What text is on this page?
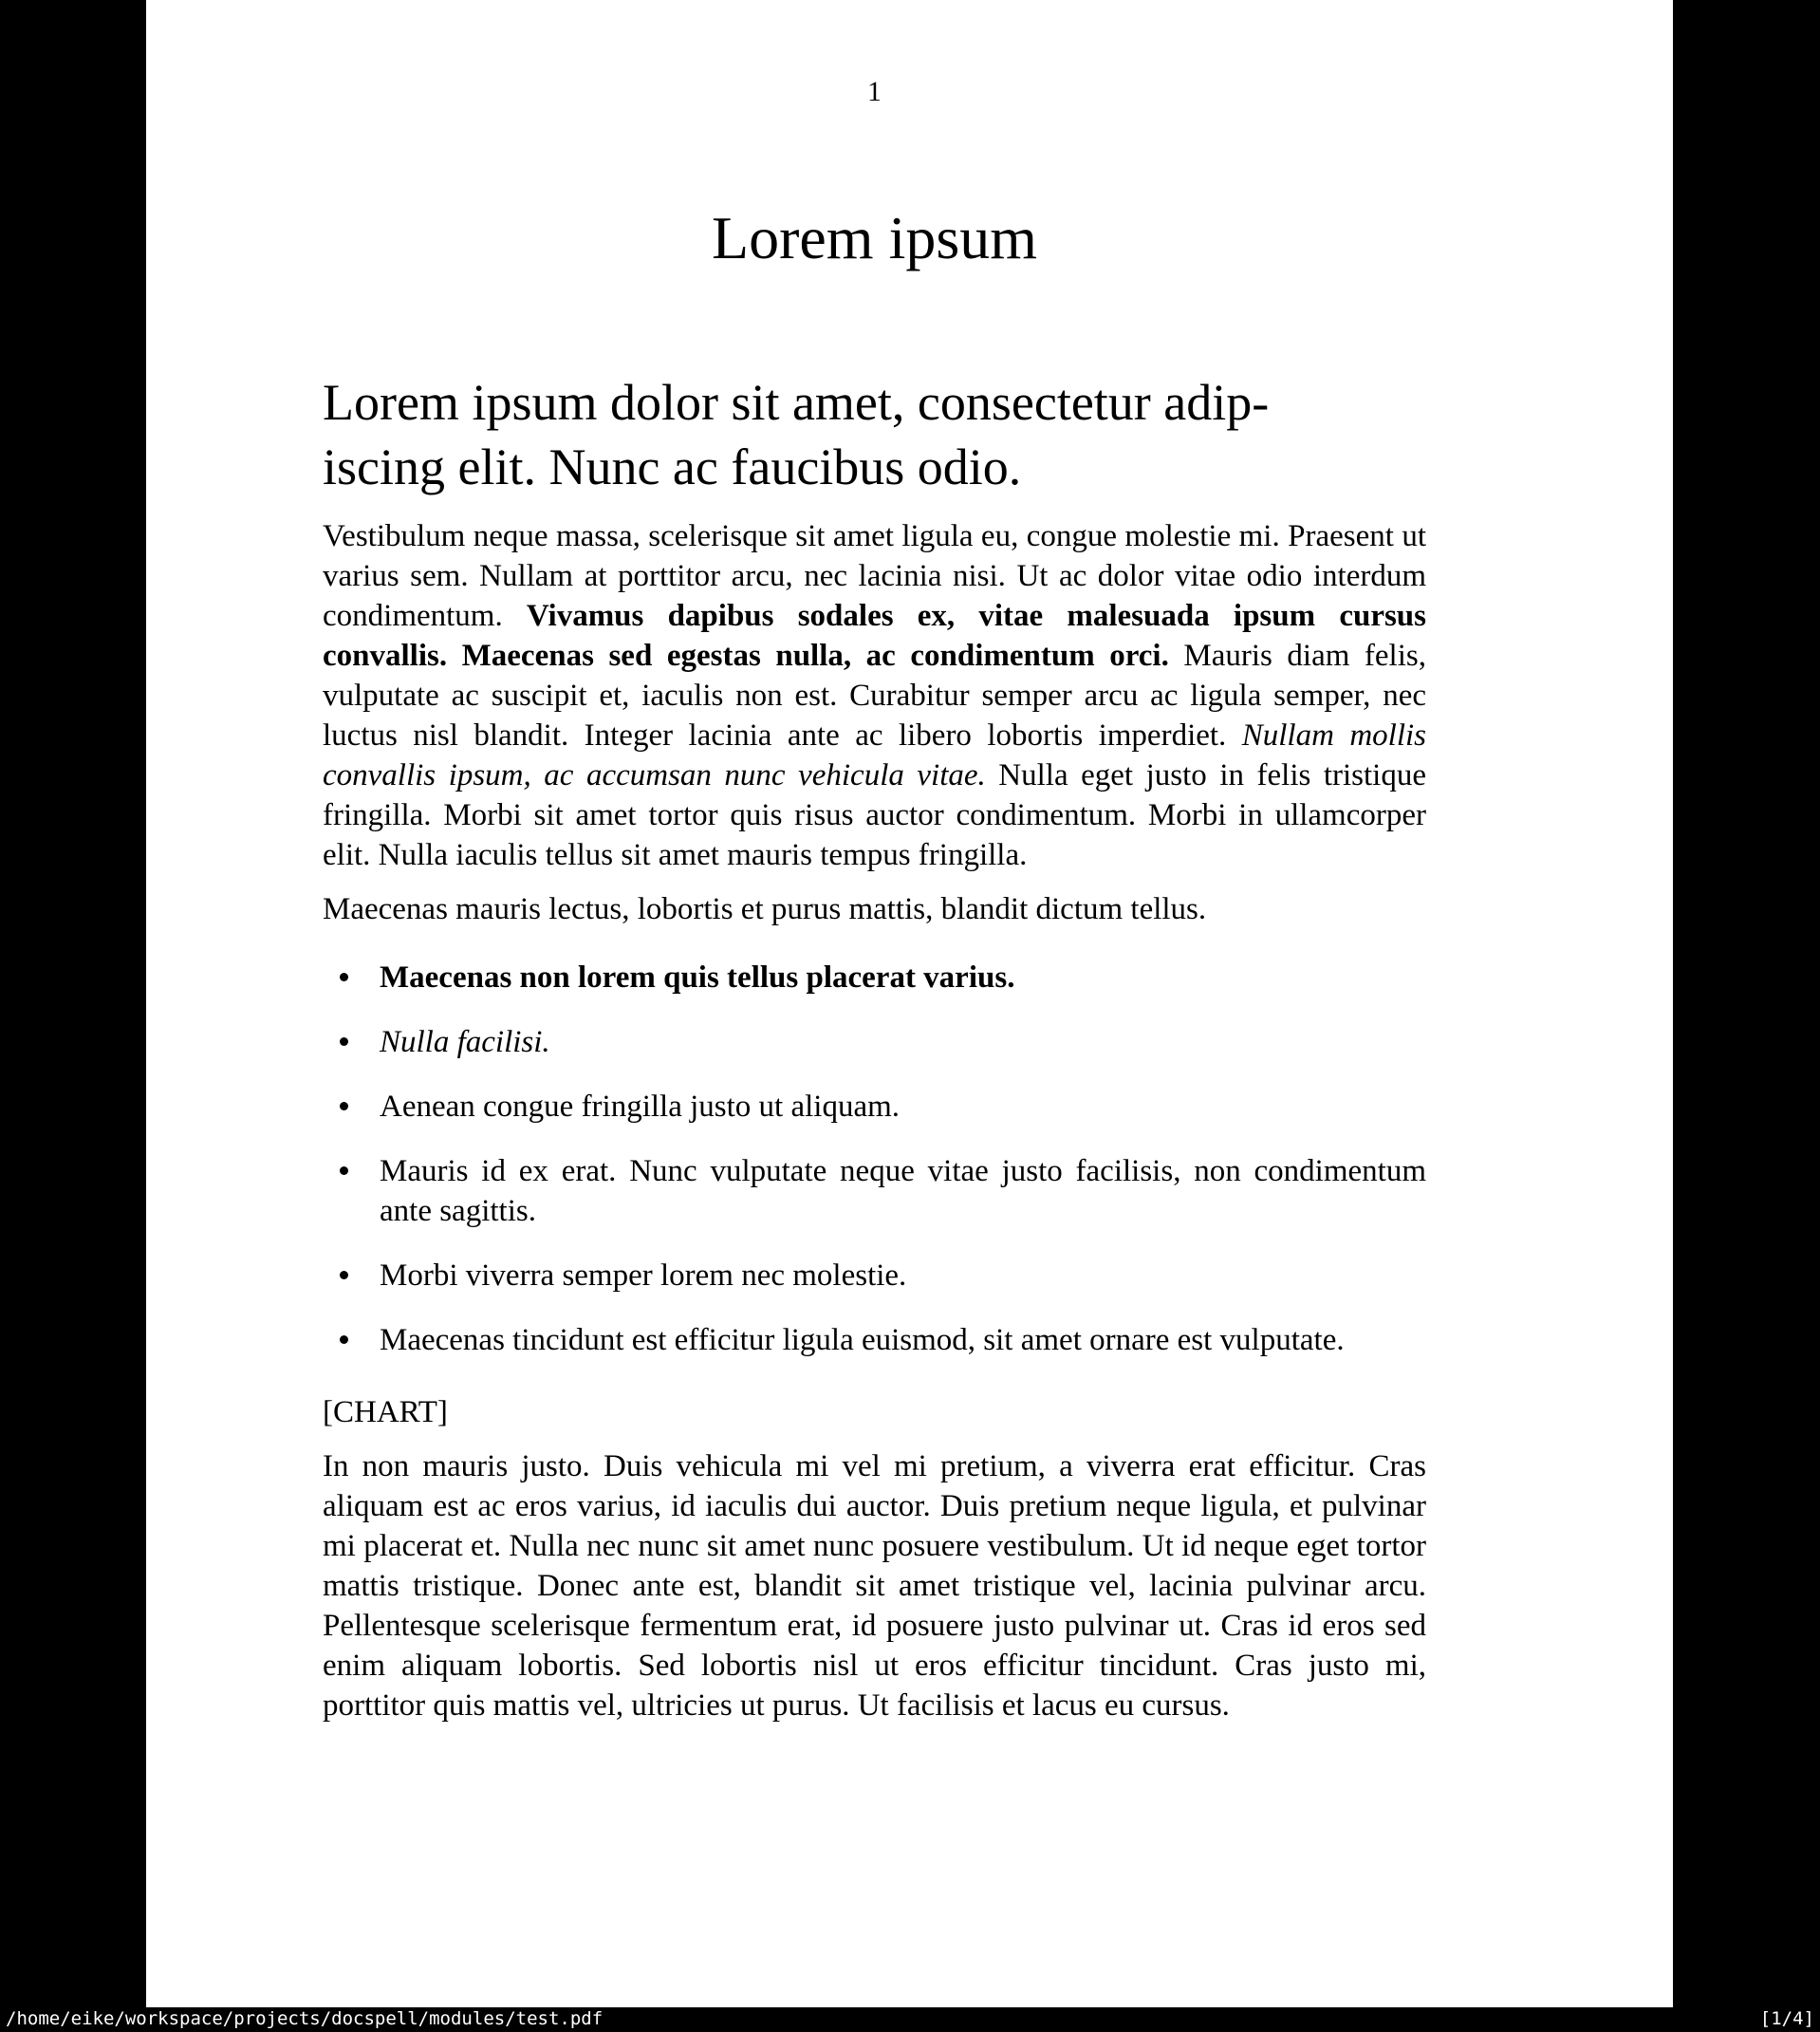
1
Lorem ipsum
Lorem ipsum dolor sit amet, consectetur adip-
iscing elit. Nunc ac faucibus odio.

Vestibulum neque massa, scelerisque sit amet ligula eu, congue molestie mi. Praesent ut varius sem. Nullam at porttitor arcu, nec lacinia nisi. Ut ac dolor vitae odio interdum condimentum. Vivamus dapibus sodales ex, vitae malesuada ipsum cursus convallis. Maecenas sed egestas nulla, ac condimentum orci. Mauris diam felis, vulputate ac suscipit et, iaculis non est. Curabitur semper arcu ac ligula semper, nec luctus nisl blandit. Integer lacinia ante ac libero lobortis imperdiet. Nullam mollis convallis ipsum, ac accumsan nunc vehicula vitae. Nulla eget justo in felis tristique fringilla. Morbi sit amet tortor quis risus auctor condimentum. Morbi in ullamcorper elit. Nulla iaculis tellus sit amet mauris tempus fringilla.

Maecenas mauris lectus, lobortis et purus mattis, blandit dictum tellus.

Maecenas non lorem quis tellus placerat varius.
Nulla facilisi.
Aenean congue fringilla justo ut aliquam.
Mauris id ex erat. Nunc vulputate neque vitae justo facilisis, non condimentum ante sagittis.
Morbi viverra semper lorem nec molestie.
Maecenas tincidunt est efficitur ligula euismod, sit amet ornare est vulputate.

[CHART]

In non mauris justo. Duis vehicula mi vel mi pretium, a viverra erat efficitur. Cras aliquam est ac eros varius, id iaculis dui auctor. Duis pretium neque ligula, et pulvinar mi placerat et. Nulla nec nunc sit amet nunc posuere vestibulum. Ut id neque eget tortor mattis tristique. Donec ante est, blandit sit amet tristique vel, lacinia pulvinar arcu. Pellentesque scelerisque fermentum erat, id posuere justo pulvinar ut. Cras id eros sed enim aliquam lobortis. Sed lobortis nisl ut eros efficitur tincidunt. Cras justo mi, porttitor quis mattis vel, ultricies ut purus. Ut facilisis et lacus eu cursus.

/home/eike/workspace/projects/docspell/modules/test.pdf	[1/4]
